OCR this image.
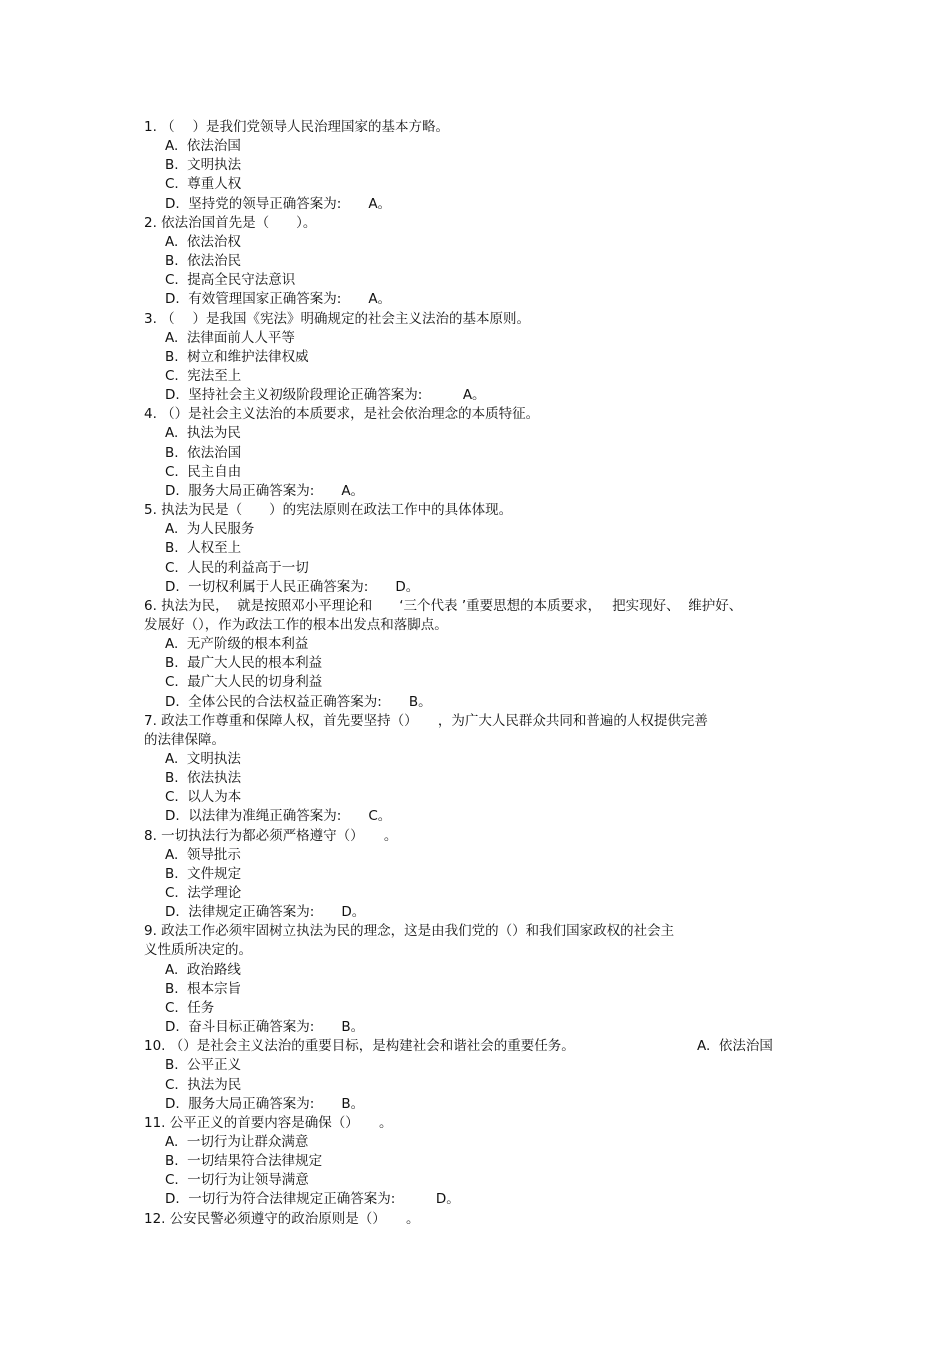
1. （　 ）是我们党领导人民治理国家的基本方略。
A.  依法治国
B.  文明执法
C.  尊重人权
D.  坚持党的领导正确答案为:　　A。
2. 依法治国首先是（　　）。
A.  依法治权
B.  依法治民
C.  提高全民守法意识
D.  有效管理国家正确答案为:　　A。
3. （　 ）是我国《宪法》明确规定的社会主义法治的基本原则。
A.  法律面前人人平等
B.  树立和维护法律权威
C.  宪法至上
D.  坚持社会主义初级阶段理论正确答案为:　　　A。
4. （）是社会主义法治的本质要求，是社会依治理念的本质特征。
A.  执法为民
B.  依法治国
C.  民主自由
D.  服务大局正确答案为:　　A。
5. 执法为民是（　　）的宪法原则在政法工作中的具体体现。
A.  为人民服务
B.  人权至上
C.  人民的利益高于一切
D.  一切权利属于人民正确答案为:　　D。
6. 执法为民，  就是按照邓小平理论和　　‘三个代表 ’重要思想的本质要求，　 把实现好、  维护好、
发展好（），作为政法工作的根本出发点和落脚点。
A.  无产阶级的根本利益
B.  最广大人民的根本利益
C.  最广大人民的切身利益
D.  全体公民的合法权益正确答案为:　　B。
7. 政法工作尊重和保障人权，首先要坚持（）　　，为广大人民群众共同和普遍的人权提供完善
的法律保障。
A.  文明执法
B.  依法执法
C.  以人为本
D.  以法律为准绳正确答案为:　　C。
8. 一切执法行为都必须严格遵守（）　　。
A.  领导批示
B.  文件规定
C.  法学理论
D.  法律规定正确答案为:　　D。
9. 政法工作必须牢固树立执法为民的理念，这是由我们党的（）和我们国家政权的社会主
义性质所决定的。
A.  政治路线
B.  根本宗旨
C.  任务
D.  奋斗目标正确答案为:　　B。
10. （）是社会主义法治的重要目标，是构建社会和谐社会的重要任务。	A.  依法治国
B.  公平正义
C.  执法为民
D.  服务大局正确答案为:　　B。
11. 公平正义的首要内容是确保（）　　。
A.  一切行为让群众满意
B.  一切结果符合法律规定
C.  一切行为让领导满意
D.  一切行为符合法律规定正确答案为:　　　D。
12. 公安民警必须遵守的政治原则是（）　　。
